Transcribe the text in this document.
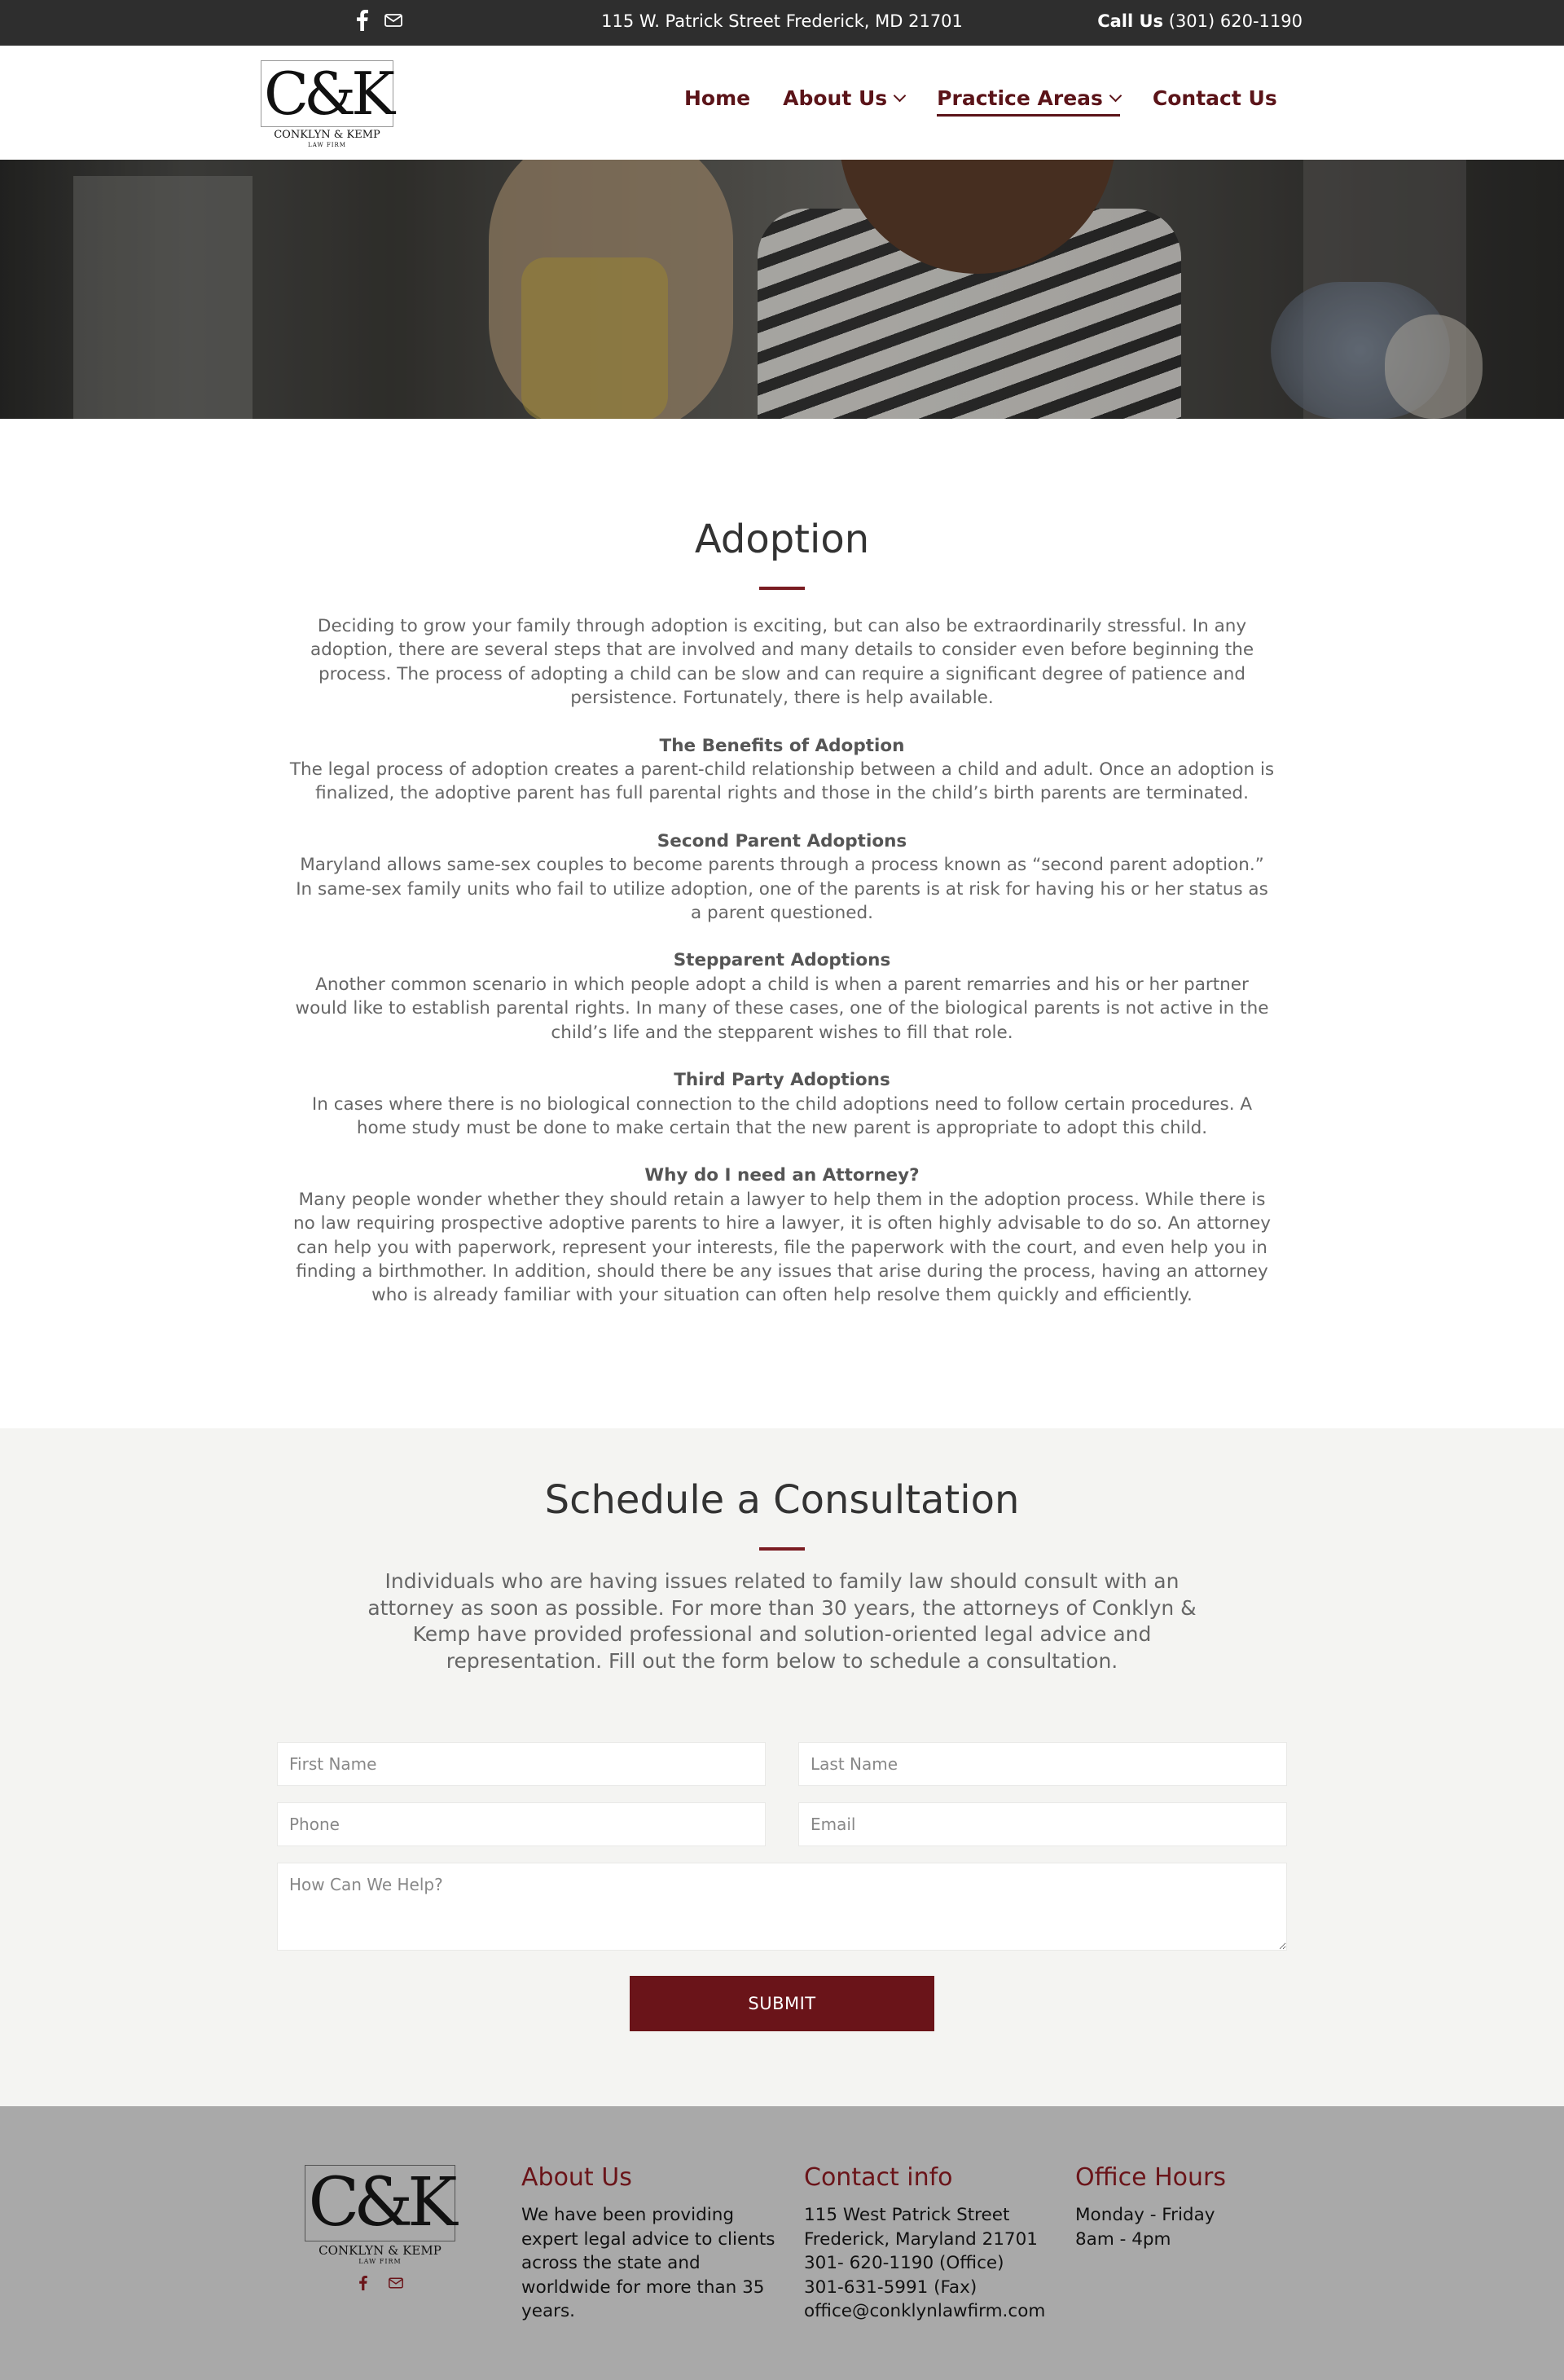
115 W. Patrick Street Frederick, MD 21701	Call Us (301) 620-1190
C&K
CONKLYN & KEMP
LAW FIRM
Home About Us Practice Areas Contact Us
Adoption

Deciding to grow your family through adoption is exciting, but can also be extraordinarily stressful. In any adoption, there are several steps that are involved and many details to consider even before beginning the process. The process of adopting a child can be slow and can require a significant degree of patience and persistence. Fortunately, there is help available.

The Benefits of Adoption

The legal process of adoption creates a parent-child relationship between a child and adult. Once an adoption is finalized, the adoptive parent has full parental rights and those in the child’s birth parents are terminated.

Second Parent Adoptions

Maryland allows same-sex couples to become parents through a process known as “second parent adoption.” In same-sex family units who fail to utilize adoption, one of the parents is at risk for having his or her status as a parent questioned.

Stepparent Adoptions

Another common scenario in which people adopt a child is when a parent remarries and his or her partner would like to establish parental rights. In many of these cases, one of the biological parents is not active in the child’s life and the stepparent wishes to fill that role.

Third Party Adoptions

In cases where there is no biological connection to the child adoptions need to follow certain procedures. A home study must be done to make certain that the new parent is appropriate to adopt this child.

Why do I need an Attorney?

Many people wonder whether they should retain a lawyer to help them in the adoption process. While there is no law requiring prospective adoptive parents to hire a lawyer, it is often highly advisable to do so. An attorney can help you with paperwork, represent your interests, file the paperwork with the court, and even help you in finding a birthmother. In addition, should there be any issues that arise during the process, having an attorney who is already familiar with your situation can often help resolve them quickly and efficiently.

Schedule a Consultation
Individuals who are having issues related to family law should consult with an attorney as soon as possible. For more than 30 years, the attorneys of Conklyn & Kemp have provided professional and solution-oriented legal advice and representation. Fill out the form below to schedule a consultation.
First Name
Last Name
Phone
Email
How Can We Help?
SUBMIT
C&K
CONKLYN & KEMP
LAW FIRM
About Us
We have been providing
expert legal advice to clients
across the state and
worldwide for more than 35
years.
Contact info
115 West Patrick Street
Frederick, Maryland 21701
301- 620-1190 (Office)
301-631-5991 (Fax)
office@conklynlawfirm.com
Office Hours
Monday - Friday
8am - 4pm
